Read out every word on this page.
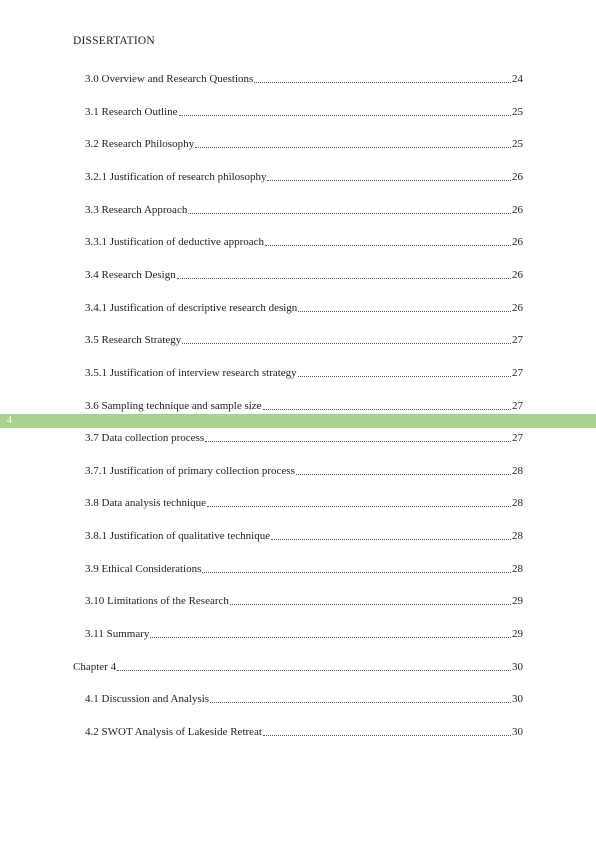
DISSERTATION
4
3.0 Overview and Research Questions	24
3.1 Research Outline	25
3.2 Research Philosophy	25
3.2.1 Justification of research philosophy	26
3.3 Research Approach	26
3.3.1 Justification of deductive approach	26
3.4 Research Design	26
3.4.1 Justification of descriptive research design	26
3.5 Research Strategy	27
3.5.1 Justification of interview research strategy	27
3.6 Sampling technique and sample size	27
3.7 Data collection process	27
3.7.1 Justification of primary collection process	28
3.8 Data analysis technique	28
3.8.1 Justification of qualitative technique	28
3.9 Ethical Considerations	28
3.10 Limitations of the Research	29
3.11 Summary	29
Chapter 4	30
4.1 Discussion and Analysis	30
4.2 SWOT Analysis of Lakeside Retreat	30
